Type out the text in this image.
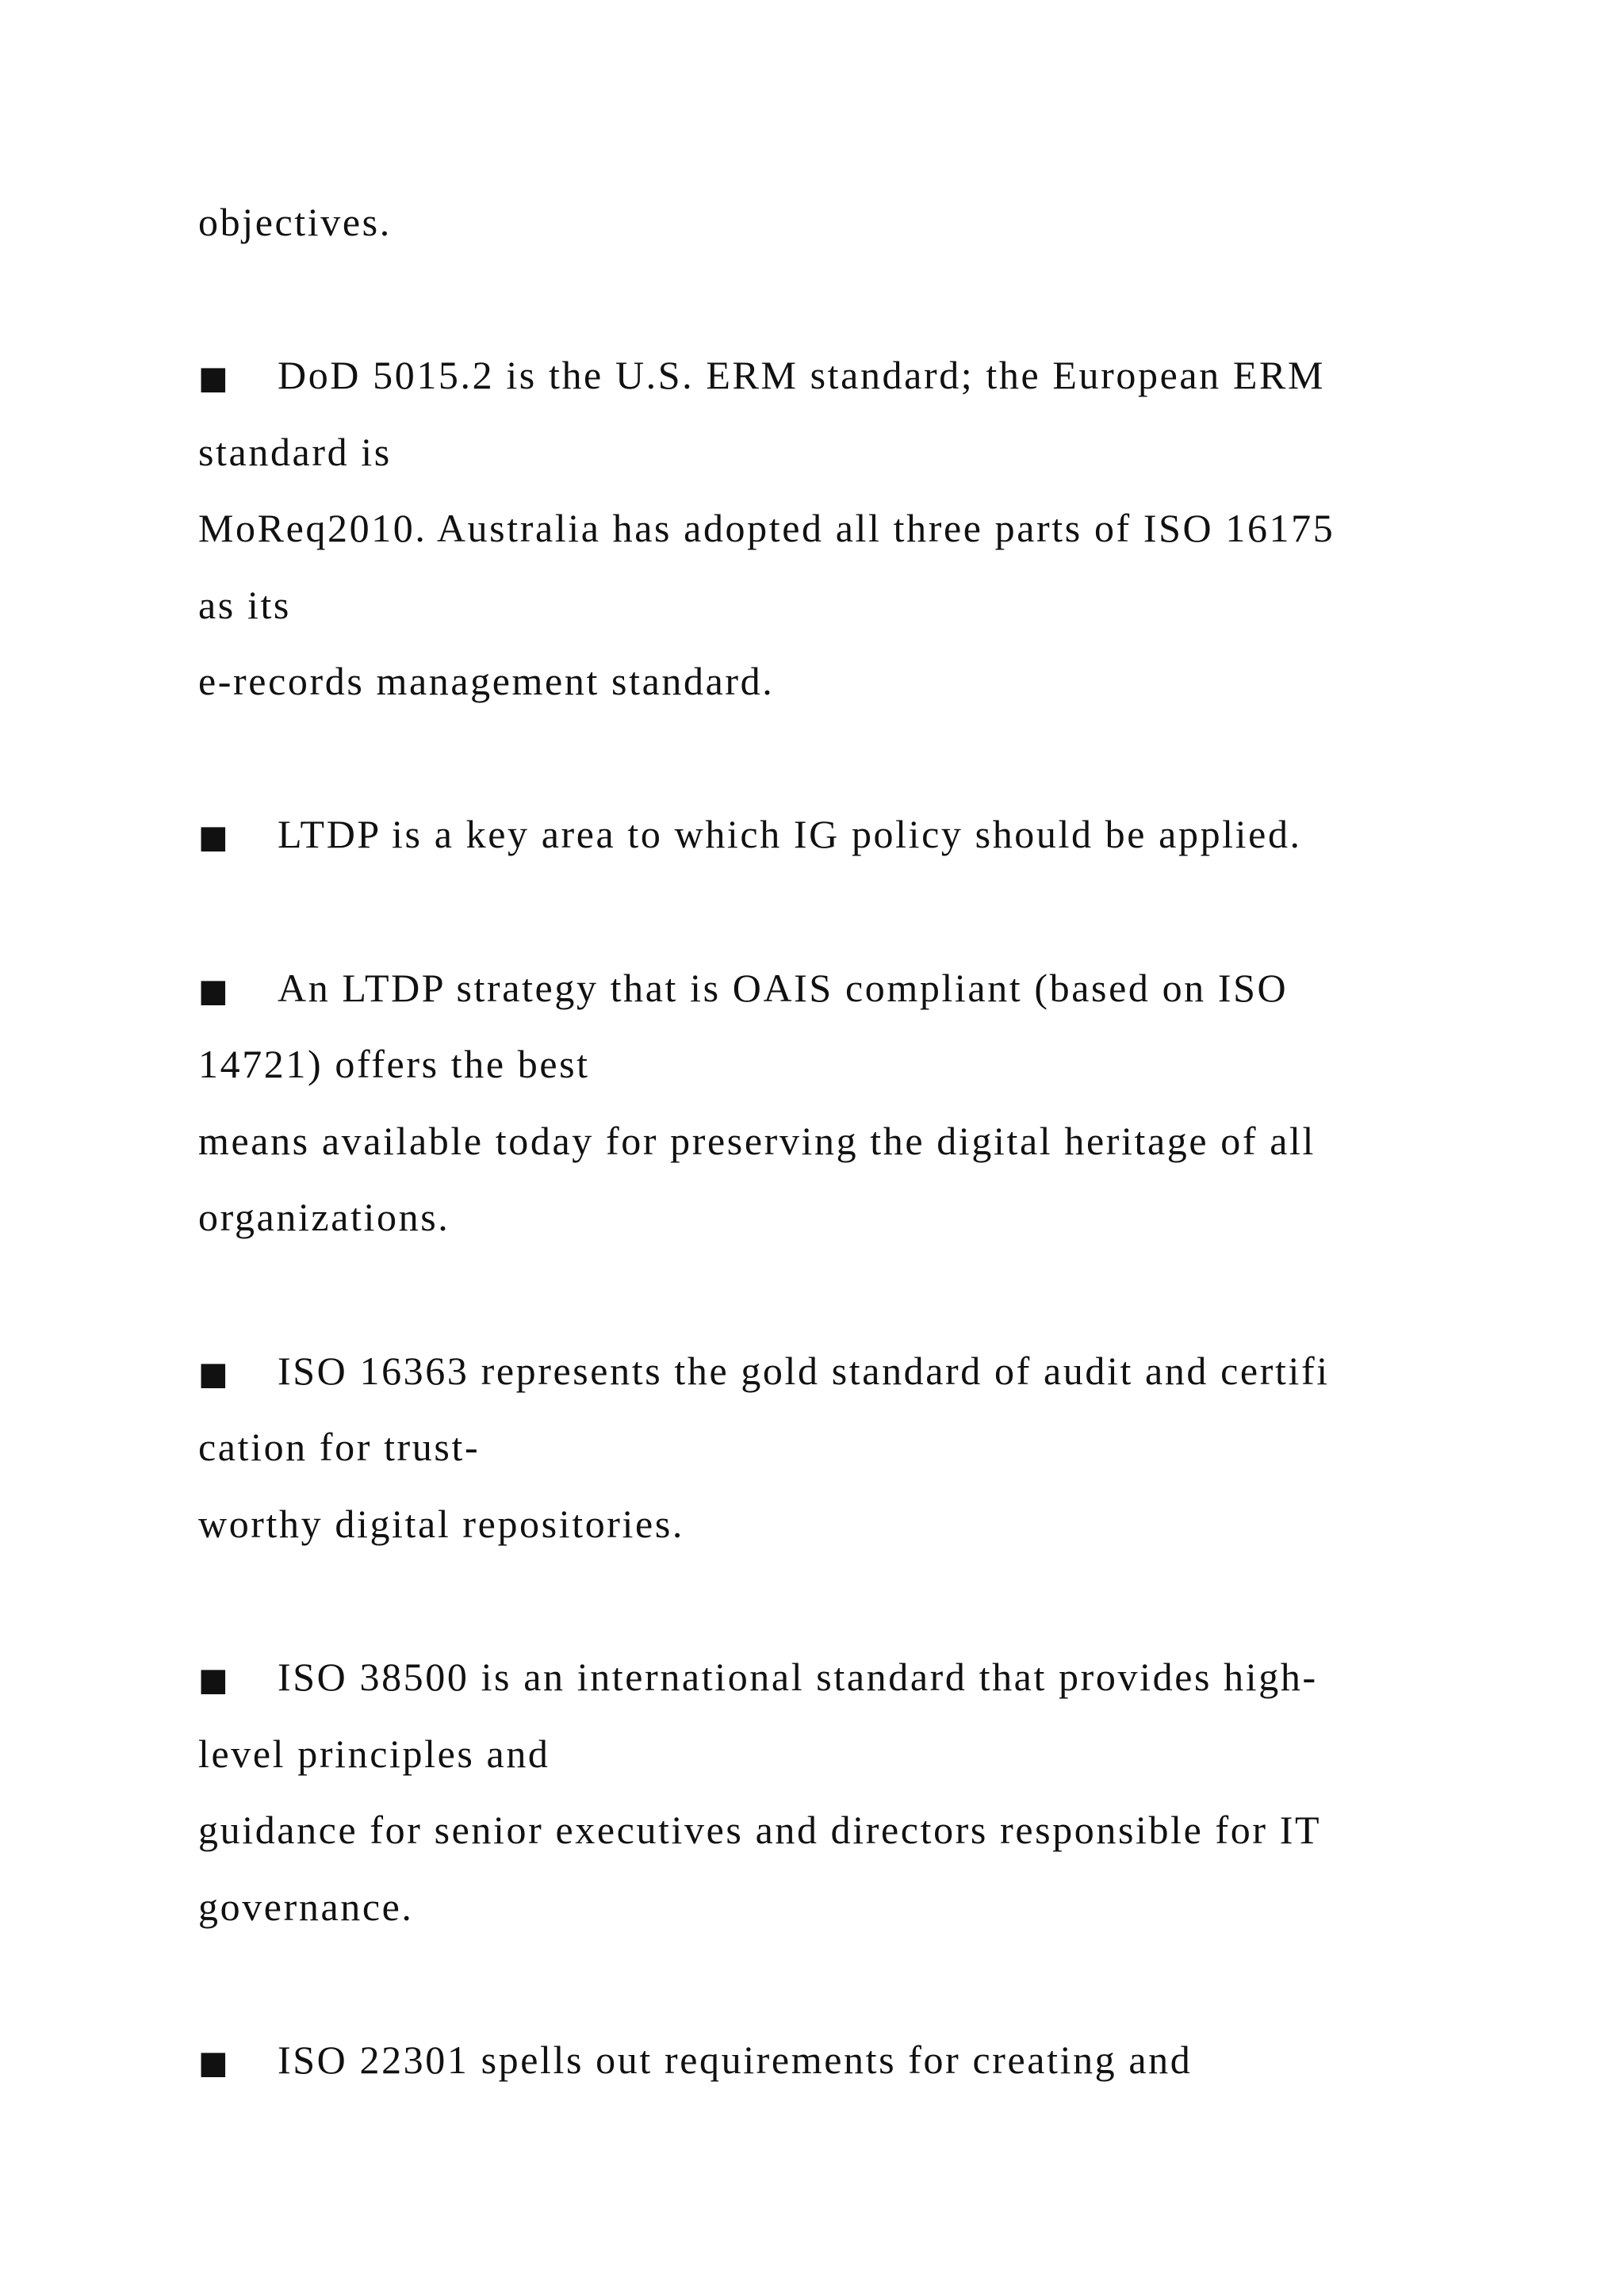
objectives.
■ DoD 5015.2 is the U.S. ERM standard; the European ERM
standard is
MoReq2010. Australia has adopted all three parts of ISO 16175
as its
e-records management standard.
■ LTDP is a key area to which IG policy should be applied.
■ An LTDP strategy that is OAIS compliant (based on ISO
14721) offers the best
means available today for preserving the digital heritage of all
organizations.
■ ISO 16363 represents the gold standard of audit and certifi
cation for trust-
worthy digital repositories.
■ ISO 38500 is an international standard that provides high-
level principles and
guidance for senior executives and directors responsible for IT
governance.
■ ISO 22301 spells out requirements for creating and
